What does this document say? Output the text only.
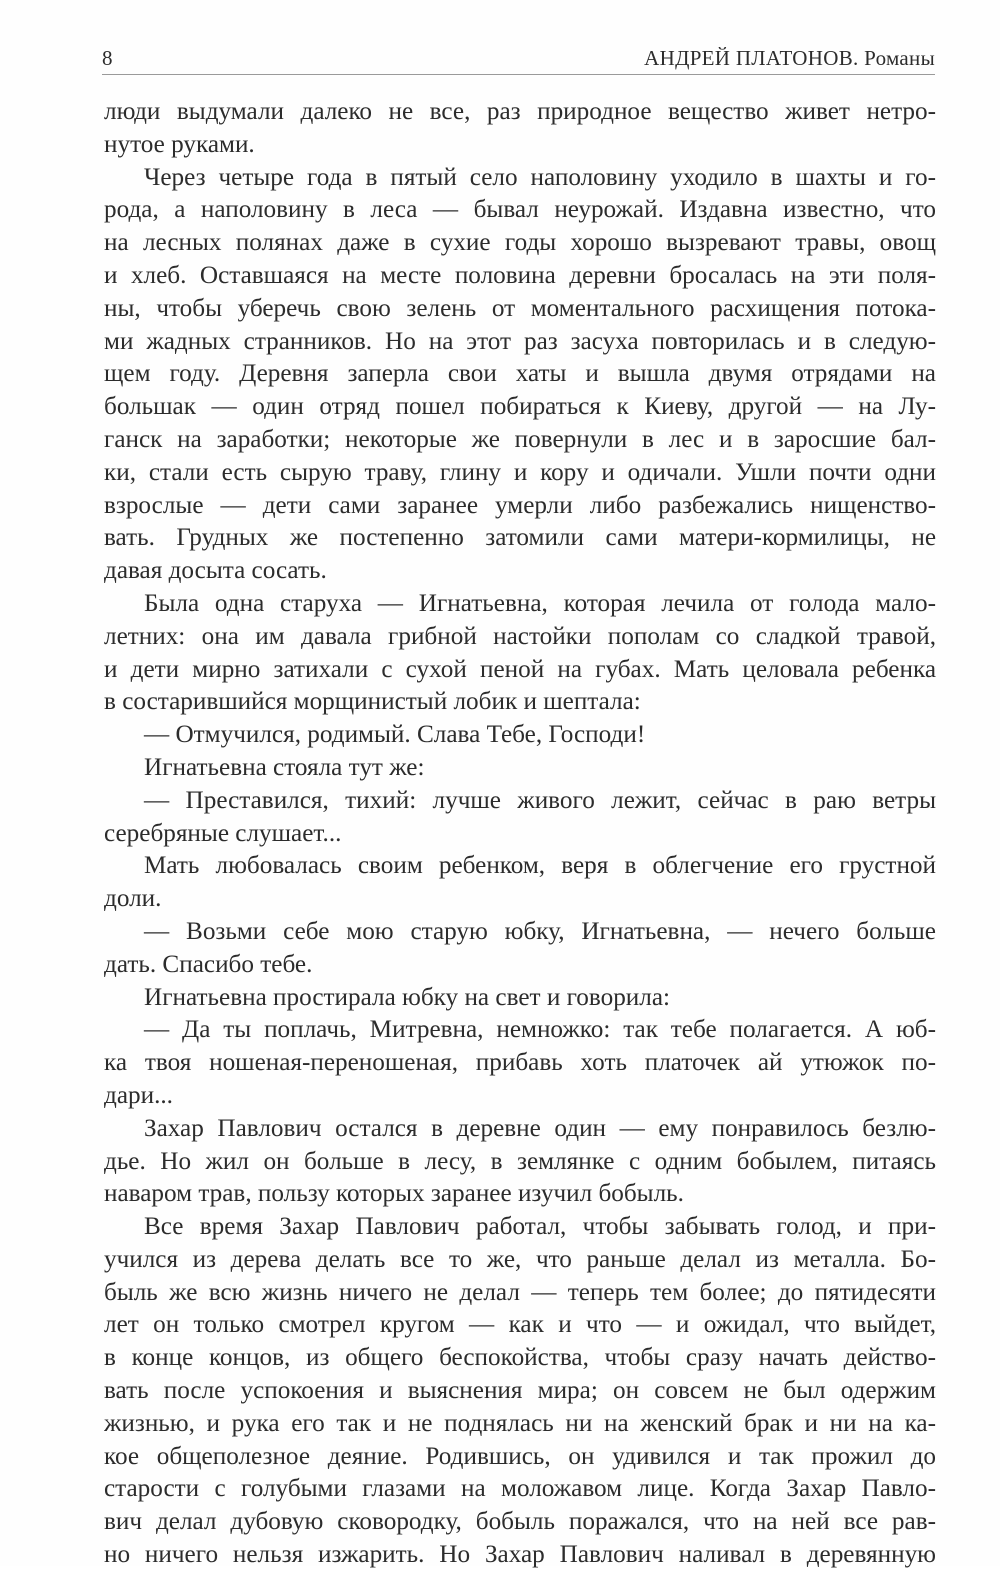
8	АНДРЕЙ ПЛАТОНОВ. Романы

люди выдумали далеко не все, раз природное вещество живет нетро-
нутое руками.

Через четыре года в пятый село наполовину уходило в шахты и го-
рода, а наполовину в леса — бывал неурожай. Издавна известно, что
на лесных полянах даже в сухие годы хорошо вызревают травы, овощ
и хлеб. Оставшаяся на месте половина деревни бросалась на эти поля-
ны, чтобы уберечь свою зелень от моментального расхищения потока-
ми жадных странников. Но на этот раз засуха повторилась и в следую-
щем году. Деревня заперла свои хаты и вышла двумя отрядами на
большак — один отряд пошел побираться к Киеву, другой — на Лу-
ганск на заработки; некоторые же повернули в лес и в заросшие бал-
ки, стали есть сырую траву, глину и кору и одичали. Ушли почти одни
взрослые — дети сами заранее умерли либо разбежались нищенство-
вать. Грудных же постепенно затомили сами матери-кормилицы, не
давая досыта сосать.

Была одна старуха — Игнатьевна, которая лечила от голода мало-
летних: она им давала грибной настойки пополам со сладкой травой,
и дети мирно затихали с сухой пеной на губах. Мать целовала ребенка
в состарившийся морщинистый лобик и шептала:

— Отмучился, родимый. Слава Тебе, Господи!

Игнатьевна стояла тут же:

— Преставился, тихий: лучше живого лежит, сейчас в раю ветры
серебряные слушает...

Мать любовалась своим ребенком, веря в облегчение его грустной
доли.

— Возьми себе мою старую юбку, Игнатьевна, — нечего больше
дать. Спасибо тебе.

Игнатьевна простирала юбку на свет и говорила:

— Да ты поплачь, Митревна, немножко: так тебе полагается. А юб-
ка твоя ношеная-переношеная, прибавь хоть платочек ай утюжок по-
дари...

Захар Павлович остался в деревне один — ему понравилось безлю-
дье. Но жил он больше в лесу, в землянке с одним бобылем, питаясь
наваром трав, пользу которых заранее изучил бобыль.

Все время Захар Павлович работал, чтобы забывать голод, и при-
учился из дерева делать все то же, что раньше делал из металла. Бо-
быль же всю жизнь ничего не делал — теперь тем более; до пятидесяти
лет он только смотрел кругом — как и что — и ожидал, что выйдет,
в конце концов, из общего беспокойства, чтобы сразу начать действо-
вать после успокоения и выяснения мира; он совсем не был одержим
жизнью, и рука его так и не поднялась ни на женский брак и ни на ка-
кое общеполезное деяние. Родившись, он удивился и так прожил до
старости с голубыми глазами на моложавом лице. Когда Захар Павло-
вич делал дубовую сковородку, бобыль поражался, что на ней все рав-
но ничего нельзя изжарить. Но Захар Павлович наливал в деревянную
